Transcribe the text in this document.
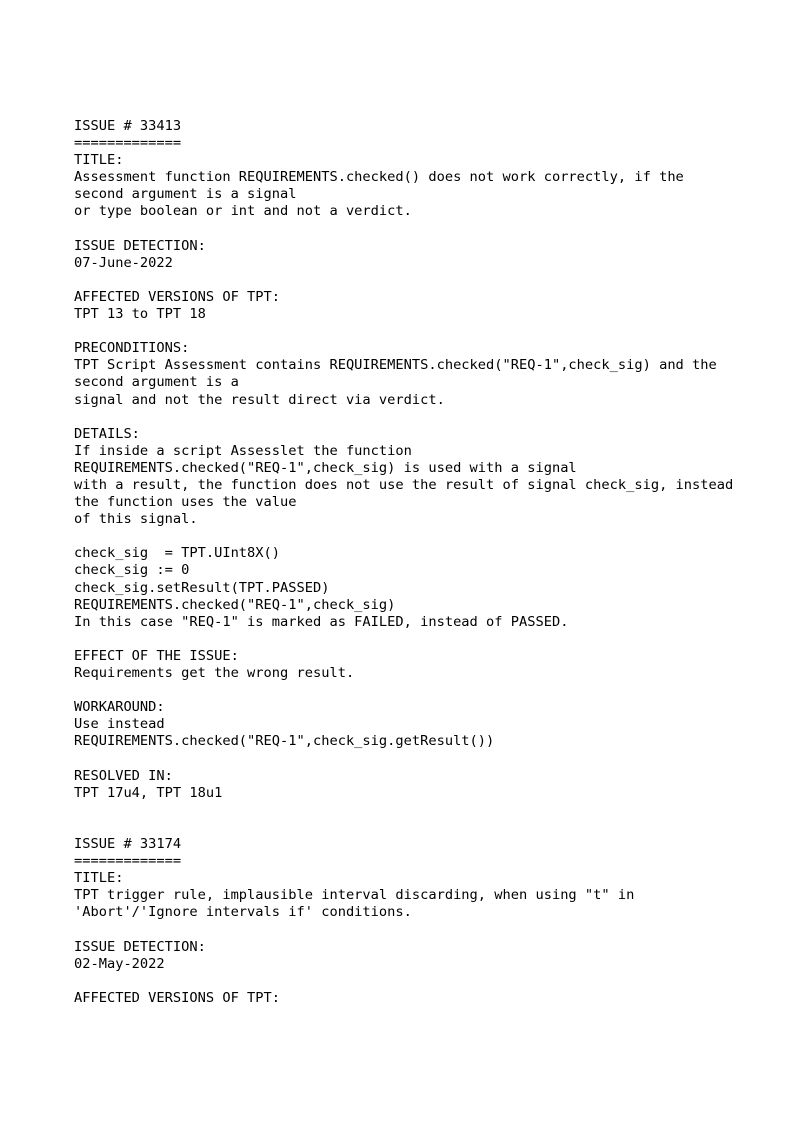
ISSUE # 33413
=============
TITLE:
Assessment function REQUIREMENTS.checked() does not work correctly, if the
second argument is a signal
or type boolean or int and not a verdict.
ISSUE DETECTION:
07-June-2022
AFFECTED VERSIONS OF TPT:
TPT 13 to TPT 18
PRECONDITIONS:
TPT Script Assessment contains REQUIREMENTS.checked("REQ-1",check_sig) and the
second argument is a
signal and not the result direct via verdict.
DETAILS:
If inside a script Assesslet the function
REQUIREMENTS.checked("REQ-1",check_sig) is used with a signal
with a result, the function does not use the result of signal check_sig, instead
the function uses the value
of this signal.
check_sig  = TPT.UInt8X()
check_sig := 0
check_sig.setResult(TPT.PASSED)
REQUIREMENTS.checked("REQ-1",check_sig)
In this case "REQ-1" is marked as FAILED, instead of PASSED.
EFFECT OF THE ISSUE:
Requirements get the wrong result.
WORKAROUND:
Use instead
REQUIREMENTS.checked("REQ-1",check_sig.getResult())
RESOLVED IN:
TPT 17u4, TPT 18u1
ISSUE # 33174
=============
TITLE:
TPT trigger rule, implausible interval discarding, when using "t" in
'Abort'/'Ignore intervals if' conditions.
ISSUE DETECTION:
02-May-2022
AFFECTED VERSIONS OF TPT:
